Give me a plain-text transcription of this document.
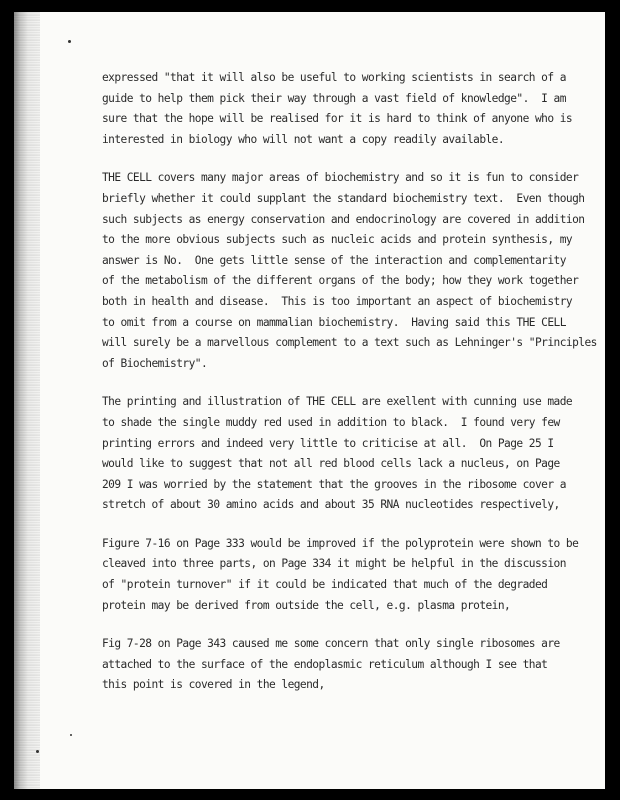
expressed "that it will also be useful to working scientists in search of a
guide to help them pick their way through a vast field of knowledge".  I am
sure that the hope will be realised for it is hard to think of anyone who is
interested in biology who will not want a copy readily available.

THE CELL covers many major areas of biochemistry and so it is fun to consider
briefly whether it could supplant the standard biochemistry text.  Even though
such subjects as energy conservation and endocrinology are covered in addition
to the more obvious subjects such as nucleic acids and protein synthesis, my
answer is No.  One gets little sense of the interaction and complementarity
of the metabolism of the different organs of the body; how they work together
both in health and disease.  This is too important an aspect of biochemistry
to omit from a course on mammalian biochemistry.  Having said this THE CELL
will surely be a marvellous complement to a text such as Lehninger's "Principles
of Biochemistry".

The printing and illustration of THE CELL are exellent with cunning use made
to shade the single muddy red used in addition to black.  I found very few
printing errors and indeed very little to criticise at all.  On Page 25 I
would like to suggest that not all red blood cells lack a nucleus, on Page
209 I was worried by the statement that the grooves in the ribosome cover a
stretch of about 30 amino acids and about 35 RNA nucleotides respectively,

Figure 7-16 on Page 333 would be improved if the polyprotein were shown to be
cleaved into three parts, on Page 334 it might be helpful in the discussion
of "protein turnover" if it could be indicated that much of the degraded
protein may be derived from outside the cell, e.g. plasma protein,

Fig 7-28 on Page 343 caused me some concern that only single ribosomes are
attached to the surface of the endoplasmic reticulum although I see that
this point is covered in the legend,
